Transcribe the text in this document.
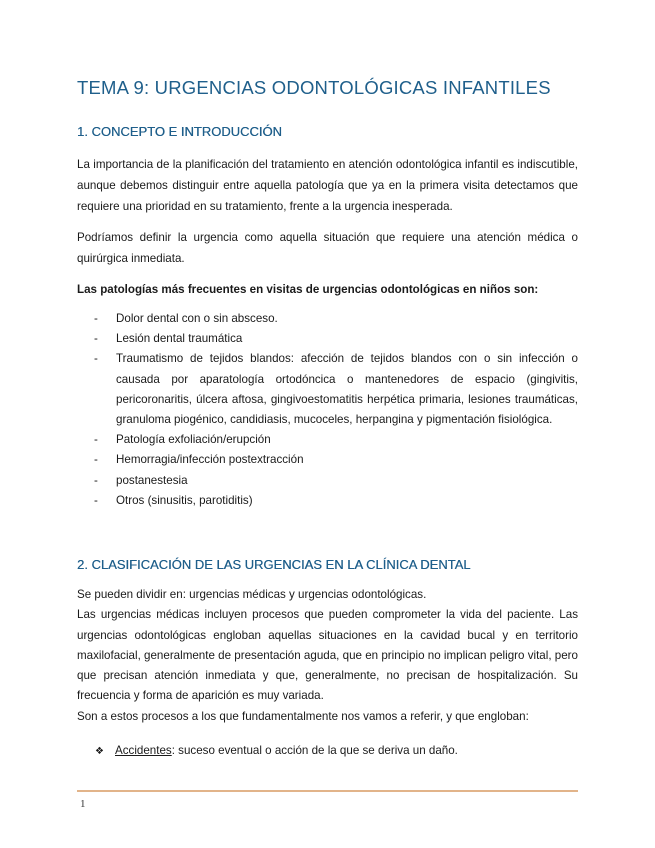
TEMA 9: URGENCIAS ODONTOLÓGICAS INFANTILES
1. CONCEPTO E INTRODUCCIÓN

La importancia de la planificación del tratamiento en atención odontológica infantil es indiscutible, aunque debemos distinguir entre aquella patología que ya en la primera visita detectamos que requiere una prioridad en su tratamiento, frente a la urgencia inesperada.

Podríamos definir la urgencia como aquella situación que requiere una atención médica o quirúrgica inmediata.

Las patologías más frecuentes en visitas de urgencias odontológicas en niños son:

- Dolor dental con o sin absceso.
- Lesión dental traumática
- Traumatismo de tejidos blandos: afección de tejidos blandos con o sin infección o causada por aparatología ortodóncica o mantenedores de espacio (gingivitis, pericoronaritis, úlcera aftosa, gingivoestomatitis herpética primaria, lesiones traumáticas, granuloma piogénico, candidiasis, mucoceles, herpangina y pigmentación fisiológica.
- Patología exfoliación/erupción
- Hemorragia/infección postextracción
- postanestesia
- Otros (sinusitis, parotiditis)
2. CLASIFICACIÓN DE LAS URGENCIAS EN LA CLÍNICA DENTAL

Se pueden dividir en: urgencias médicas y urgencias odontológicas.
Las urgencias médicas incluyen procesos que pueden comprometer la vida del paciente. Las urgencias odontológicas engloban aquellas situaciones en la cavidad bucal y en territorio maxilofacial, generalmente de presentación aguda, que en principio no implican peligro vital, pero que precisan atención inmediata y que, generalmente, no precisan de hospitalización. Su frecuencia y forma de aparición es muy variada.
Son a estos procesos a los que fundamentalmente nos vamos a referir, y que engloban:

❖ Accidentes: suceso eventual o acción de la que se deriva un daño.
1
